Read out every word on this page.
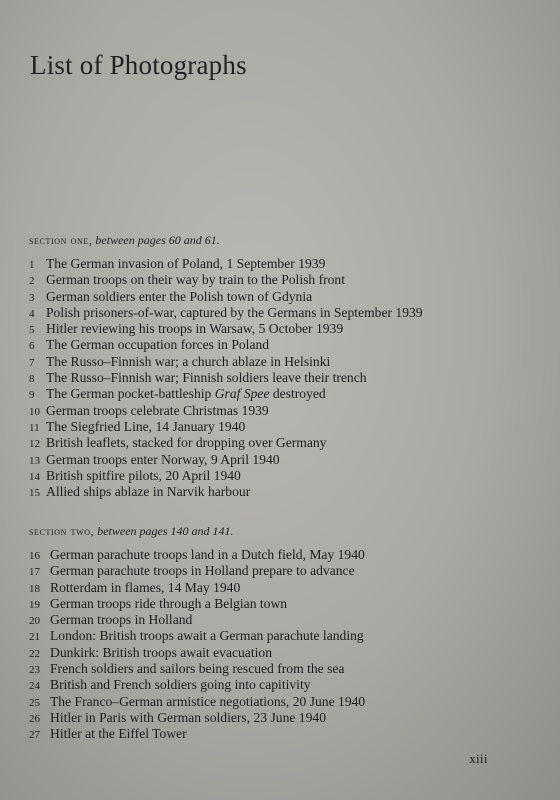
List of Photographs
section one, between pages 60 and 61.
1 The German invasion of Poland, 1 September 1939
2 German troops on their way by train to the Polish front
3 German soldiers enter the Polish town of Gdynia
4 Polish prisoners-of-war, captured by the Germans in September 1939
5 Hitler reviewing his troops in Warsaw, 5 October 1939
6 The German occupation forces in Poland
7 The Russo–Finnish war; a church ablaze in Helsinki
8 The Russo–Finnish war; Finnish soldiers leave their trench
9 The German pocket-battleship Graf Spee destroyed
10 German troops celebrate Christmas 1939
11 The Siegfried Line, 14 January 1940
12 British leaflets, stacked for dropping over Germany
13 German troops enter Norway, 9 April 1940
14 British spitfire pilots, 20 April 1940
15 Allied ships ablaze in Narvik harbour
section two, between pages 140 and 141.
16 German parachute troops land in a Dutch field, May 1940
17 German parachute troops in Holland prepare to advance
18 Rotterdam in flames, 14 May 1940
19 German troops ride through a Belgian town
20 German troops in Holland
21 London: British troops await a German parachute landing
22 Dunkirk: British troops await evacuation
23 French soldiers and sailors being rescued from the sea
24 British and French soldiers going into capitivity
25 The Franco–German armistice negotiations, 20 June 1940
26 Hitler in Paris with German soldiers, 23 June 1940
27 Hitler at the Eiffel Tower
xiii
